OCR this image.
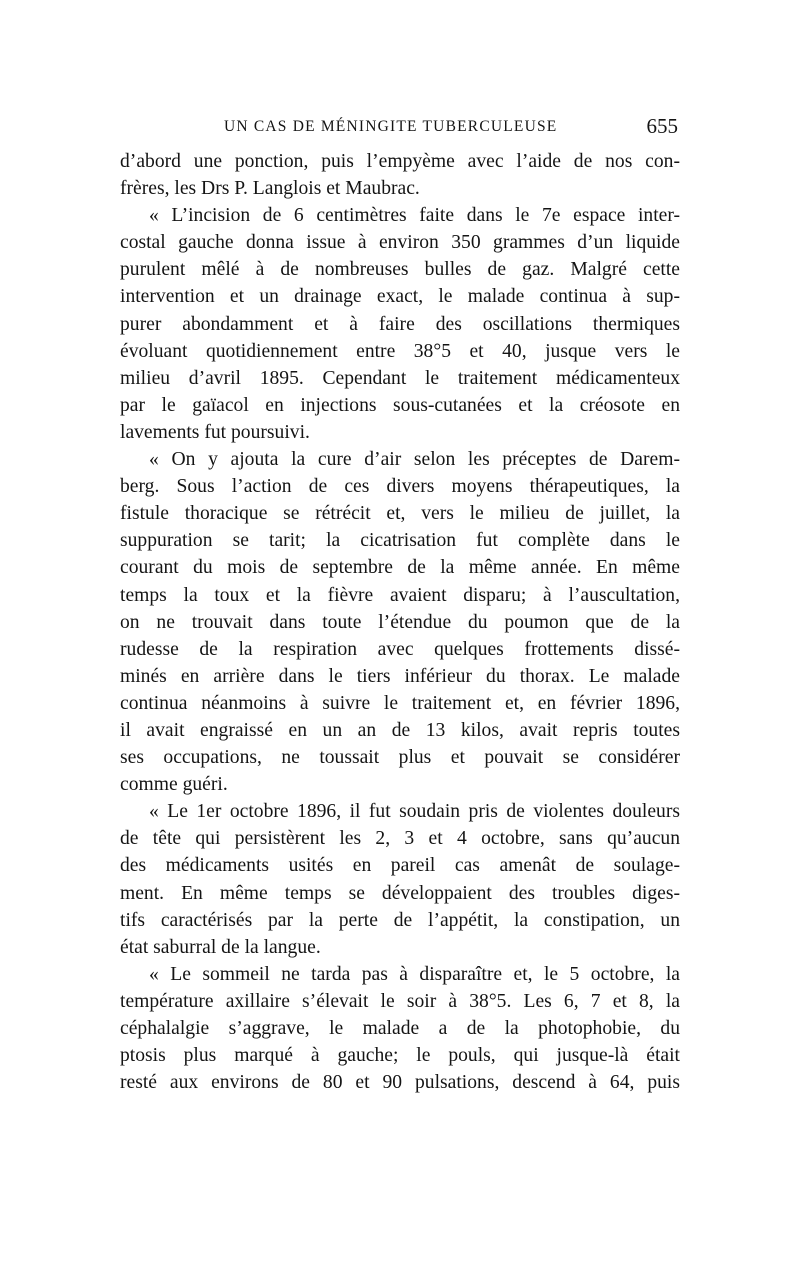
UN CAS DE MÉNINGITE TUBERCULEUSE	655

d’abord une ponction, puis l’empyème avec l’aide de nos con-
frères, les Drs P. Langlois et Maubrac.

« L’incision de 6 centimètres faite dans le 7e espace inter-
costal gauche donna issue à environ 350 grammes d’un liquide
purulent mêlé à de nombreuses bulles de gaz. Malgré cette
intervention et un drainage exact, le malade continua à sup-
purer abondamment et à faire des oscillations thermiques
évoluant quotidiennement entre 38°5 et 40, jusque vers le
milieu d’avril 1895. Cependant le traitement médicamenteux
par le gaïacol en injections sous-cutanées et la créosote en
lavements fut poursuivi.

« On y ajouta la cure d’air selon les préceptes de Darem-
berg. Sous l’action de ces divers moyens thérapeutiques, la
fistule thoracique se rétrécit et, vers le milieu de juillet, la
suppuration se tarit; la cicatrisation fut complète dans le
courant du mois de septembre de la même année. En même
temps la toux et la fièvre avaient disparu; à l’auscultation,
on ne trouvait dans toute l’étendue du poumon que de la
rudesse de la respiration avec quelques frottements dissé-
minés en arrière dans le tiers inférieur du thorax. Le malade
continua néanmoins à suivre le traitement et, en février 1896,
il avait engraissé en un an de 13 kilos, avait repris toutes
ses occupations, ne toussait plus et pouvait se considérer
comme guéri.

« Le 1er octobre 1896, il fut soudain pris de violentes douleurs
de tête qui persistèrent les 2, 3 et 4 octobre, sans qu’aucun
des médicaments usités en pareil cas amenât de soulage-
ment. En même temps se développaient des troubles diges-
tifs caractérisés par la perte de l’appétit, la constipation, un
état saburral de la langue.

« Le sommeil ne tarda pas à disparaître et, le 5 octobre, la
température axillaire s’élevait le soir à 38°5. Les 6, 7 et 8, la
céphalalgie s’aggrave, le malade a de la photophobie, du
ptosis plus marqué à gauche; le pouls, qui jusque-là était
resté aux environs de 80 et 90 pulsations, descend à 64, puis
